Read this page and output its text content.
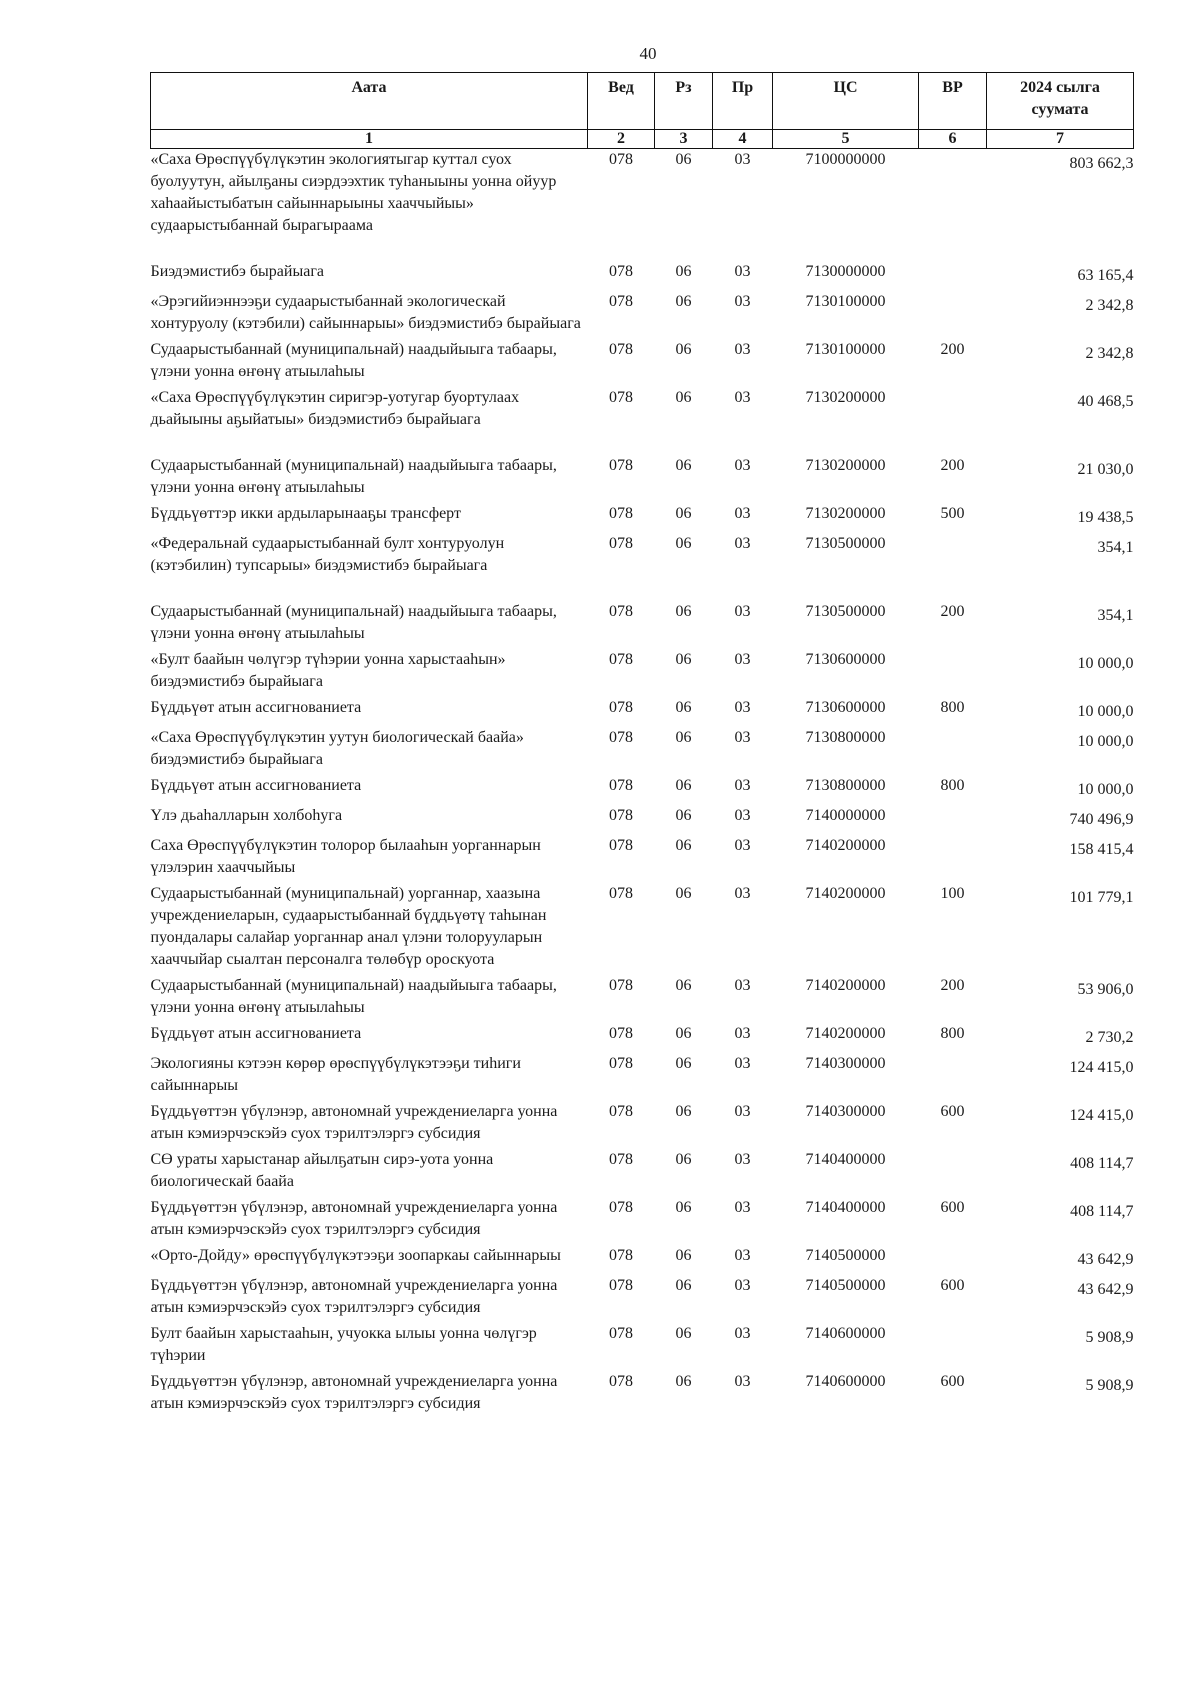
40
Аата	Вед	Рз	Пр	ЦС	ВР	2024 сылга суумата
1	2	3	4	5	6	7
«Саха Өрөспүүбүлүкэтин экологиятыгар куттал суох буолуутун, айылҕаны сиэрдээхтик туһаныыны уонна ойуур хаһаайыстыбатын сайыннарыыны хааччыйыы» судаарыстыбаннай бырагыраама	078	06	03	7100000000		803 662,3
Биэдэмистибэ бырайыага	078	06	03	7130000000		63 165,4
«Эрэгийиэннээҕи судаарыстыбаннай экологическай хонтуруолу (кэтэбили) сайыннарыы» биэдэмистибэ бырайыага	078	06	03	7130100000		2 342,8
Судаарыстыбаннай (муниципальнай) наадыйыыга табаары, үлэни уонна өҥөнү атыылаһыы	078	06	03	7130100000	200	2 342,8
«Саха Өрөспүүбүлүкэтин сиригэр-уотугар буортулаах дьайыыны аҕыйатыы» биэдэмистибэ бырайыага	078	06	03	7130200000		40 468,5
Судаарыстыбаннай (муниципальнай) наадыйыыга табаары, үлэни уонна өҥөнү атыылаһыы	078	06	03	7130200000	200	21 030,0
Бүддьүөттэр икки ардыларынааҕы трансферт	078	06	03	7130200000	500	19 438,5
«Федеральнай судаарыстыбаннай булт хонтуруолун (кэтэбилин) тупсарыы» биэдэмистибэ бырайыага	078	06	03	7130500000		354,1
Судаарыстыбаннай (муниципальнай) наадыйыыга табаары, үлэни уонна өҥөнү атыылаһыы	078	06	03	7130500000	200	354,1
«Булт баайын чөлүгэр түһэрии уонна харыстааһын» биэдэмистибэ бырайыага	078	06	03	7130600000		10 000,0
Бүддьүөт атын ассигнованиета	078	06	03	7130600000	800	10 000,0
«Саха Өрөспүүбүлүкэтин уутун биологическай баайа» биэдэмистибэ бырайыага	078	06	03	7130800000		10 000,0
Бүддьүөт атын ассигнованиета	078	06	03	7130800000	800	10 000,0
Үлэ дьаһалларын холбоһуга	078	06	03	7140000000		740 496,9
Саха Өрөспүүбүлүкэтин толорор былааһын уорганнарын үлэлэрин хааччыйыы	078	06	03	7140200000		158 415,4
Судаарыстыбаннай (муниципальнай) уорганнар, хаазына учреждениеларын, судаарыстыбаннай бүддьүөтү таһынан пуондалары салайар уорганнар анал үлэни толорууларын хааччыйар сыалтан персоналга төлөбүр ороскуота	078	06	03	7140200000	100	101 779,1
Судаарыстыбаннай (муниципальнай) наадыйыыга табаары, үлэни уонна өҥөнү атыылаһыы	078	06	03	7140200000	200	53 906,0
Бүддьүөт атын ассигнованиета	078	06	03	7140200000	800	2 730,2
Экологияны кэтээн көрөр өрөспүүбүлүкэтээҕи тиһиги сайыннарыы	078	06	03	7140300000		124 415,0
Бүддьүөттэн үбүлэнэр, автономнай учреждениеларга уонна атын кэмиэрчэскэйэ суох тэрилтэлэргэ субсидия	078	06	03	7140300000	600	124 415,0
СӨ ураты харыстанар айылҕатын сирэ-уота уонна биологическай баайа	078	06	03	7140400000		408 114,7
Бүддьүөттэн үбүлэнэр, автономнай учреждениеларга уонна атын кэмиэрчэскэйэ суох тэрилтэлэргэ субсидия	078	06	03	7140400000	600	408 114,7
«Орто-Дойду» өрөспүүбүлүкэтээҕи зоопаркаы сайыннарыы	078	06	03	7140500000		43 642,9
Бүддьүөттэн үбүлэнэр, автономнай учреждениеларга уонна атын кэмиэрчэскэйэ суох тэрилтэлэргэ субсидия	078	06	03	7140500000	600	43 642,9
Булт баайын харыстааһын, учуокка ылыы уонна чөлүгэр түһэрии	078	06	03	7140600000		5 908,9
Бүддьүөттэн үбүлэнэр, автономнай учреждениеларга уонна атын кэмиэрчэскэйэ суох тэрилтэлэргэ субсидия	078	06	03	7140600000	600	5 908,9
